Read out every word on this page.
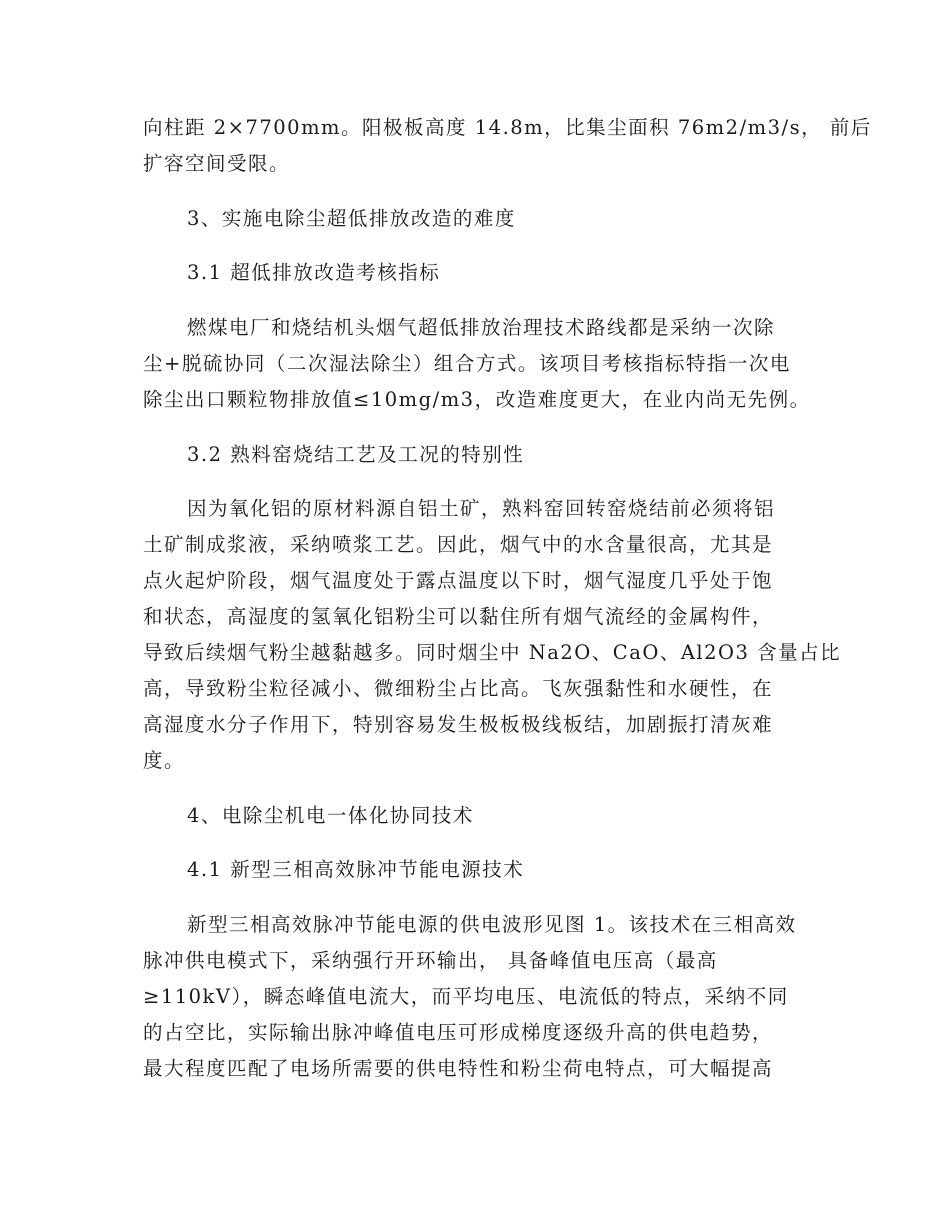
向柱距 2×7700mm。阳极板高度 14.8m，比集尘面积 76m2/m3/s， 前后
扩容空间受限。
3、实施电除尘超低排放改造的难度
3.1 超低排放改造考核指标
燃煤电厂和烧结机头烟气超低排放治理技术路线都是采纳一次除
尘+脱硫协同（二次湿法除尘）组合方式。该项目考核指标特指一次电
除尘出口颗粒物排放值≤10mg/m3，改造难度更大，在业内尚无先例。
3.2 熟料窑烧结工艺及工况的特别性
因为氧化铝的原材料源自铝土矿，熟料窑回转窑烧结前必须将铝
土矿制成浆液，采纳喷浆工艺。因此，烟气中的水含量很高，尤其是
点火起炉阶段，烟气温度处于露点温度以下时，烟气湿度几乎处于饱
和状态，高湿度的氢氧化铝粉尘可以黏住所有烟气流经的金属构件，
导致后续烟气粉尘越黏越多。同时烟尘中 Na2O、CaO、Al2O3 含量占比
高，导致粉尘粒径减小、微细粉尘占比高。飞灰强黏性和水硬性，在
高湿度水分子作用下，特别容易发生极板极线板结，加剧振打清灰难
度。
4、电除尘机电一体化协同技术
4.1 新型三相高效脉冲节能电源技术
新型三相高效脉冲节能电源的供电波形见图 1。该技术在三相高效
脉冲供电模式下，采纳强行开环输出， 具备峰值电压高（最高
≥110kV），瞬态峰值电流大，而平均电压、电流低的特点，采纳不同
的占空比，实际输出脉冲峰值电压可形成梯度逐级升高的供电趋势，
最大程度匹配了电场所需要的供电特性和粉尘荷电特点，可大幅提高
